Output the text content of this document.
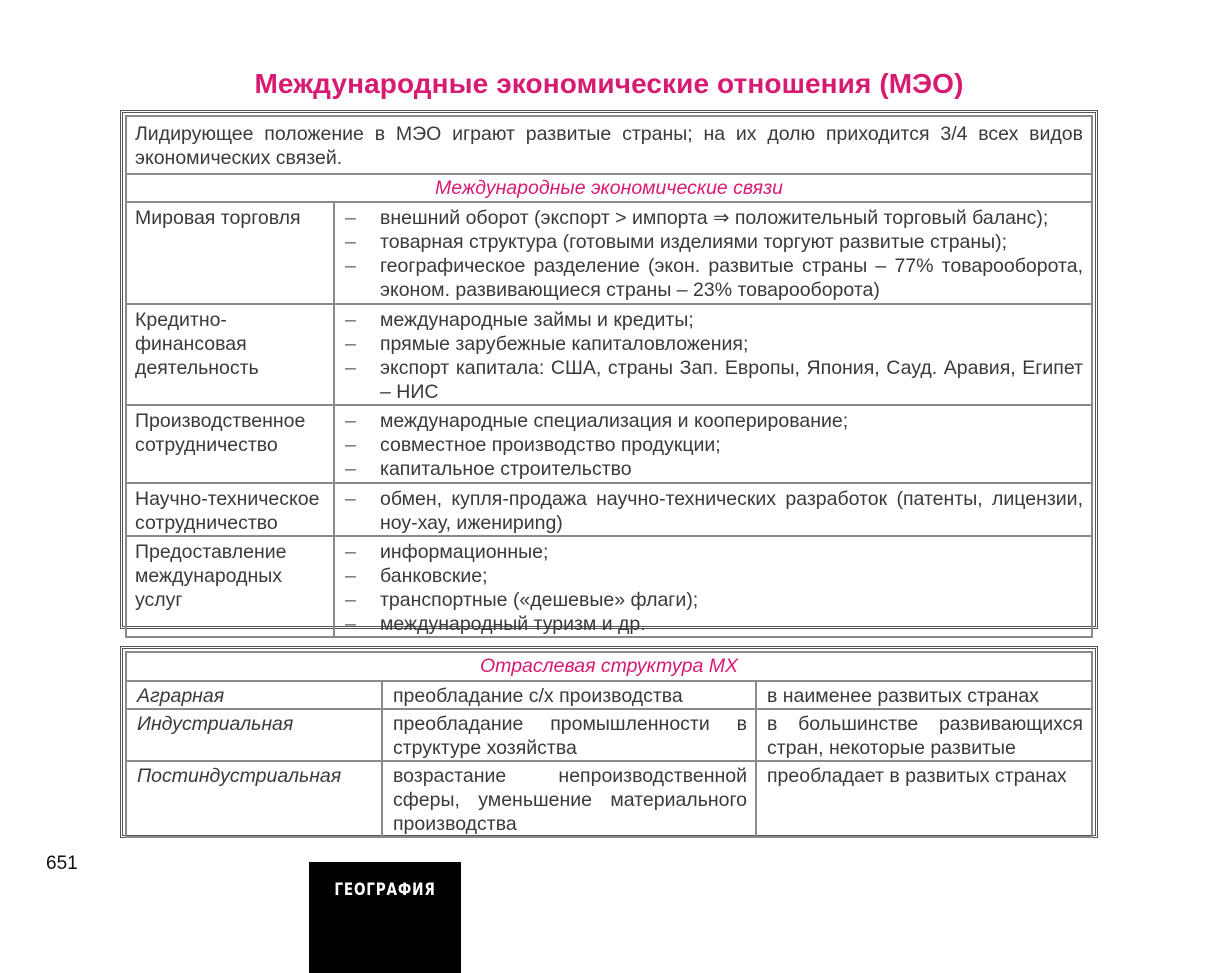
Международные экономические отношения (МЭО)
Лидирующее положение в МЭО играют развитые страны; на их долю приходится 3/4 всех видов экономических связей.	
Международные экономические связи	
Мировая торговля	–	внешний оборот (экспорт > импорта ⇒ положительный торговый баланс);
–	товарная структура (готовыми изделиями торгуют развитые страны);
–	географическое разделение (экон. развитые страны – 77% товарооборота, эконом. развивающиеся страны – 23% товарооборота)

Кредитно-финансовая деятельность	
–	международные займы и кредиты;
–	прямые зарубежные капиталовложения;
–	экспорт капитала: США, страны Зап. Европы, Япония, Сауд. Аравия, Египет – НИС

Производственное сотрудничество	
–	международные специализация и кооперирование;
–	совместное производство продукции;
–	капитальное строительство

Научно-техническое сотрудничество	– обмен, купля-продажа научно-технических разработок (патенты, лицензии, ноу-хау, иженириng)

Предоставление международных услуг	
–	информационные;
–	банковские;
–	транспортные («дешевые» флаги);
–	международный туризм и др.
Отраслевая структура МХ		
Аграрная	преобладание с/х производства	в наименее развитых странах
Индустриальная	преобладание промышленности в структуре хозяйства	в большинстве развивающихся стран, некоторые развитые
Постиндустриальная	возрастание непроизводственной сферы, уменьшение материального производства	преобладает в развитых странах
651
ГЕОГРАФИЯ
